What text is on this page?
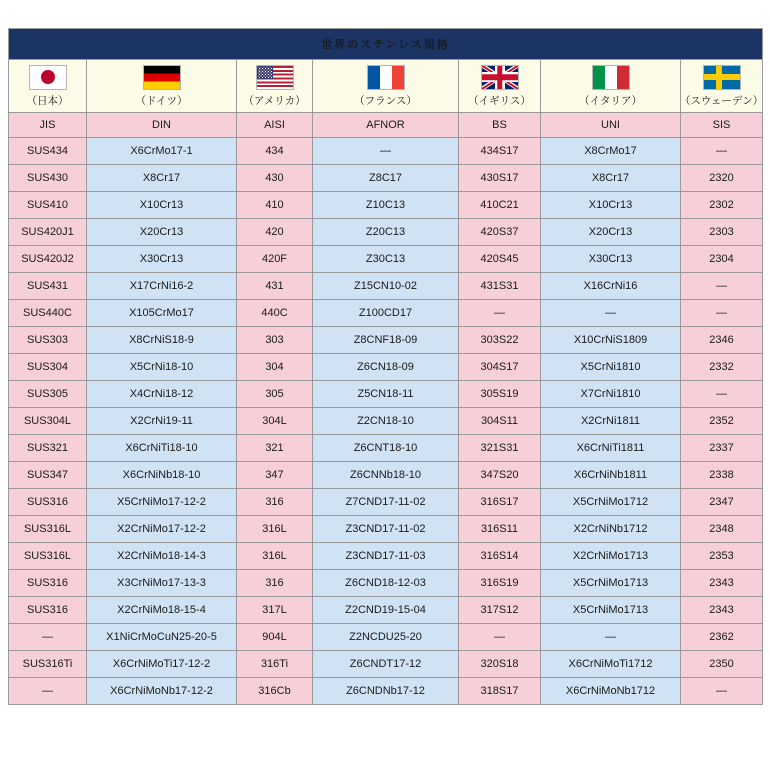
世界のステンレス規格						

（日本）	（ドイツ）	（アメリカ）	（フランス）	（イギリス）	（イタリア）	（スウェーデン）

JIS	DIN	AISI	AFNOR	BS	UNI	SIS
SUS434	X6CrMo17-1	434	—	434S17	X8CrMo17	—
SUS430	X8Cr17	430	Z8C17	430S17	X8Cr17	2320
SUS410	X10Cr13	410	Z10C13	410C21	X10Cr13	2302
SUS420J1	X20Cr13	420	Z20C13	420S37	X20Cr13	2303
SUS420J2	X30Cr13	420F	Z30C13	420S45	X30Cr13	2304
SUS431	X17CrNi16-2	431	Z15CN10-02	431S31	X16CrNi16	—
SUS440C	X105CrMo17	440C	Z100CD17	—	—	—
SUS303	X8CrNiS18-9	303	Z8CNF18-09	303S22	X10CrNiS1809	2346
SUS304	X5CrNi18-10	304	Z6CN18-09	304S17	X5CrNi1810	2332
SUS305	X4CrNi18-12	305	Z5CN18-11	305S19	X7CrNi1810	—
SUS304L	X2CrNi19-11	304L	Z2CN18-10	304S11	X2CrNi1811	2352
SUS321	X6CrNiTi18-10	321	Z6CNT18-10	321S31	X6CrNiTi1811	2337
SUS347	X6CrNiNb18-10	347	Z6CNNb18-10	347S20	X6CrNiNb1811	2338
SUS316	X5CrNiMo17-12-2	316	Z7CND17-11-02	316S17	X5CrNiMo1712	2347
SUS316L	X2CrNiMo17-12-2	316L	Z3CND17-11-02	316S11	X2CrNiNb1712	2348
SUS316L	X2CrNiMo18-14-3	316L	Z3CND17-11-03	316S14	X2CrNiMo1713	2353
SUS316	X3CrNiMo17-13-3	316	Z6CND18-12-03	316S19	X5CrNiMo1713	2343
SUS316	X2CrNiMo18-15-4	317L	Z2CND19-15-04	317S12	X5CrNiMo1713	2343
—	X1NiCrMoCuN25-20-5	904L	Z2NCDU25-20	—	—	2362
SUS316Ti	X6CrNiMoTi17-12-2	316Ti	Z6CNDT17-12	320S18	X6CrNiMoTi1712	2350
—	X6CrNiMoNb17-12-2	316Cb	Z6CNDNb17-12	318S17	X6CrNiMoNb1712	—
